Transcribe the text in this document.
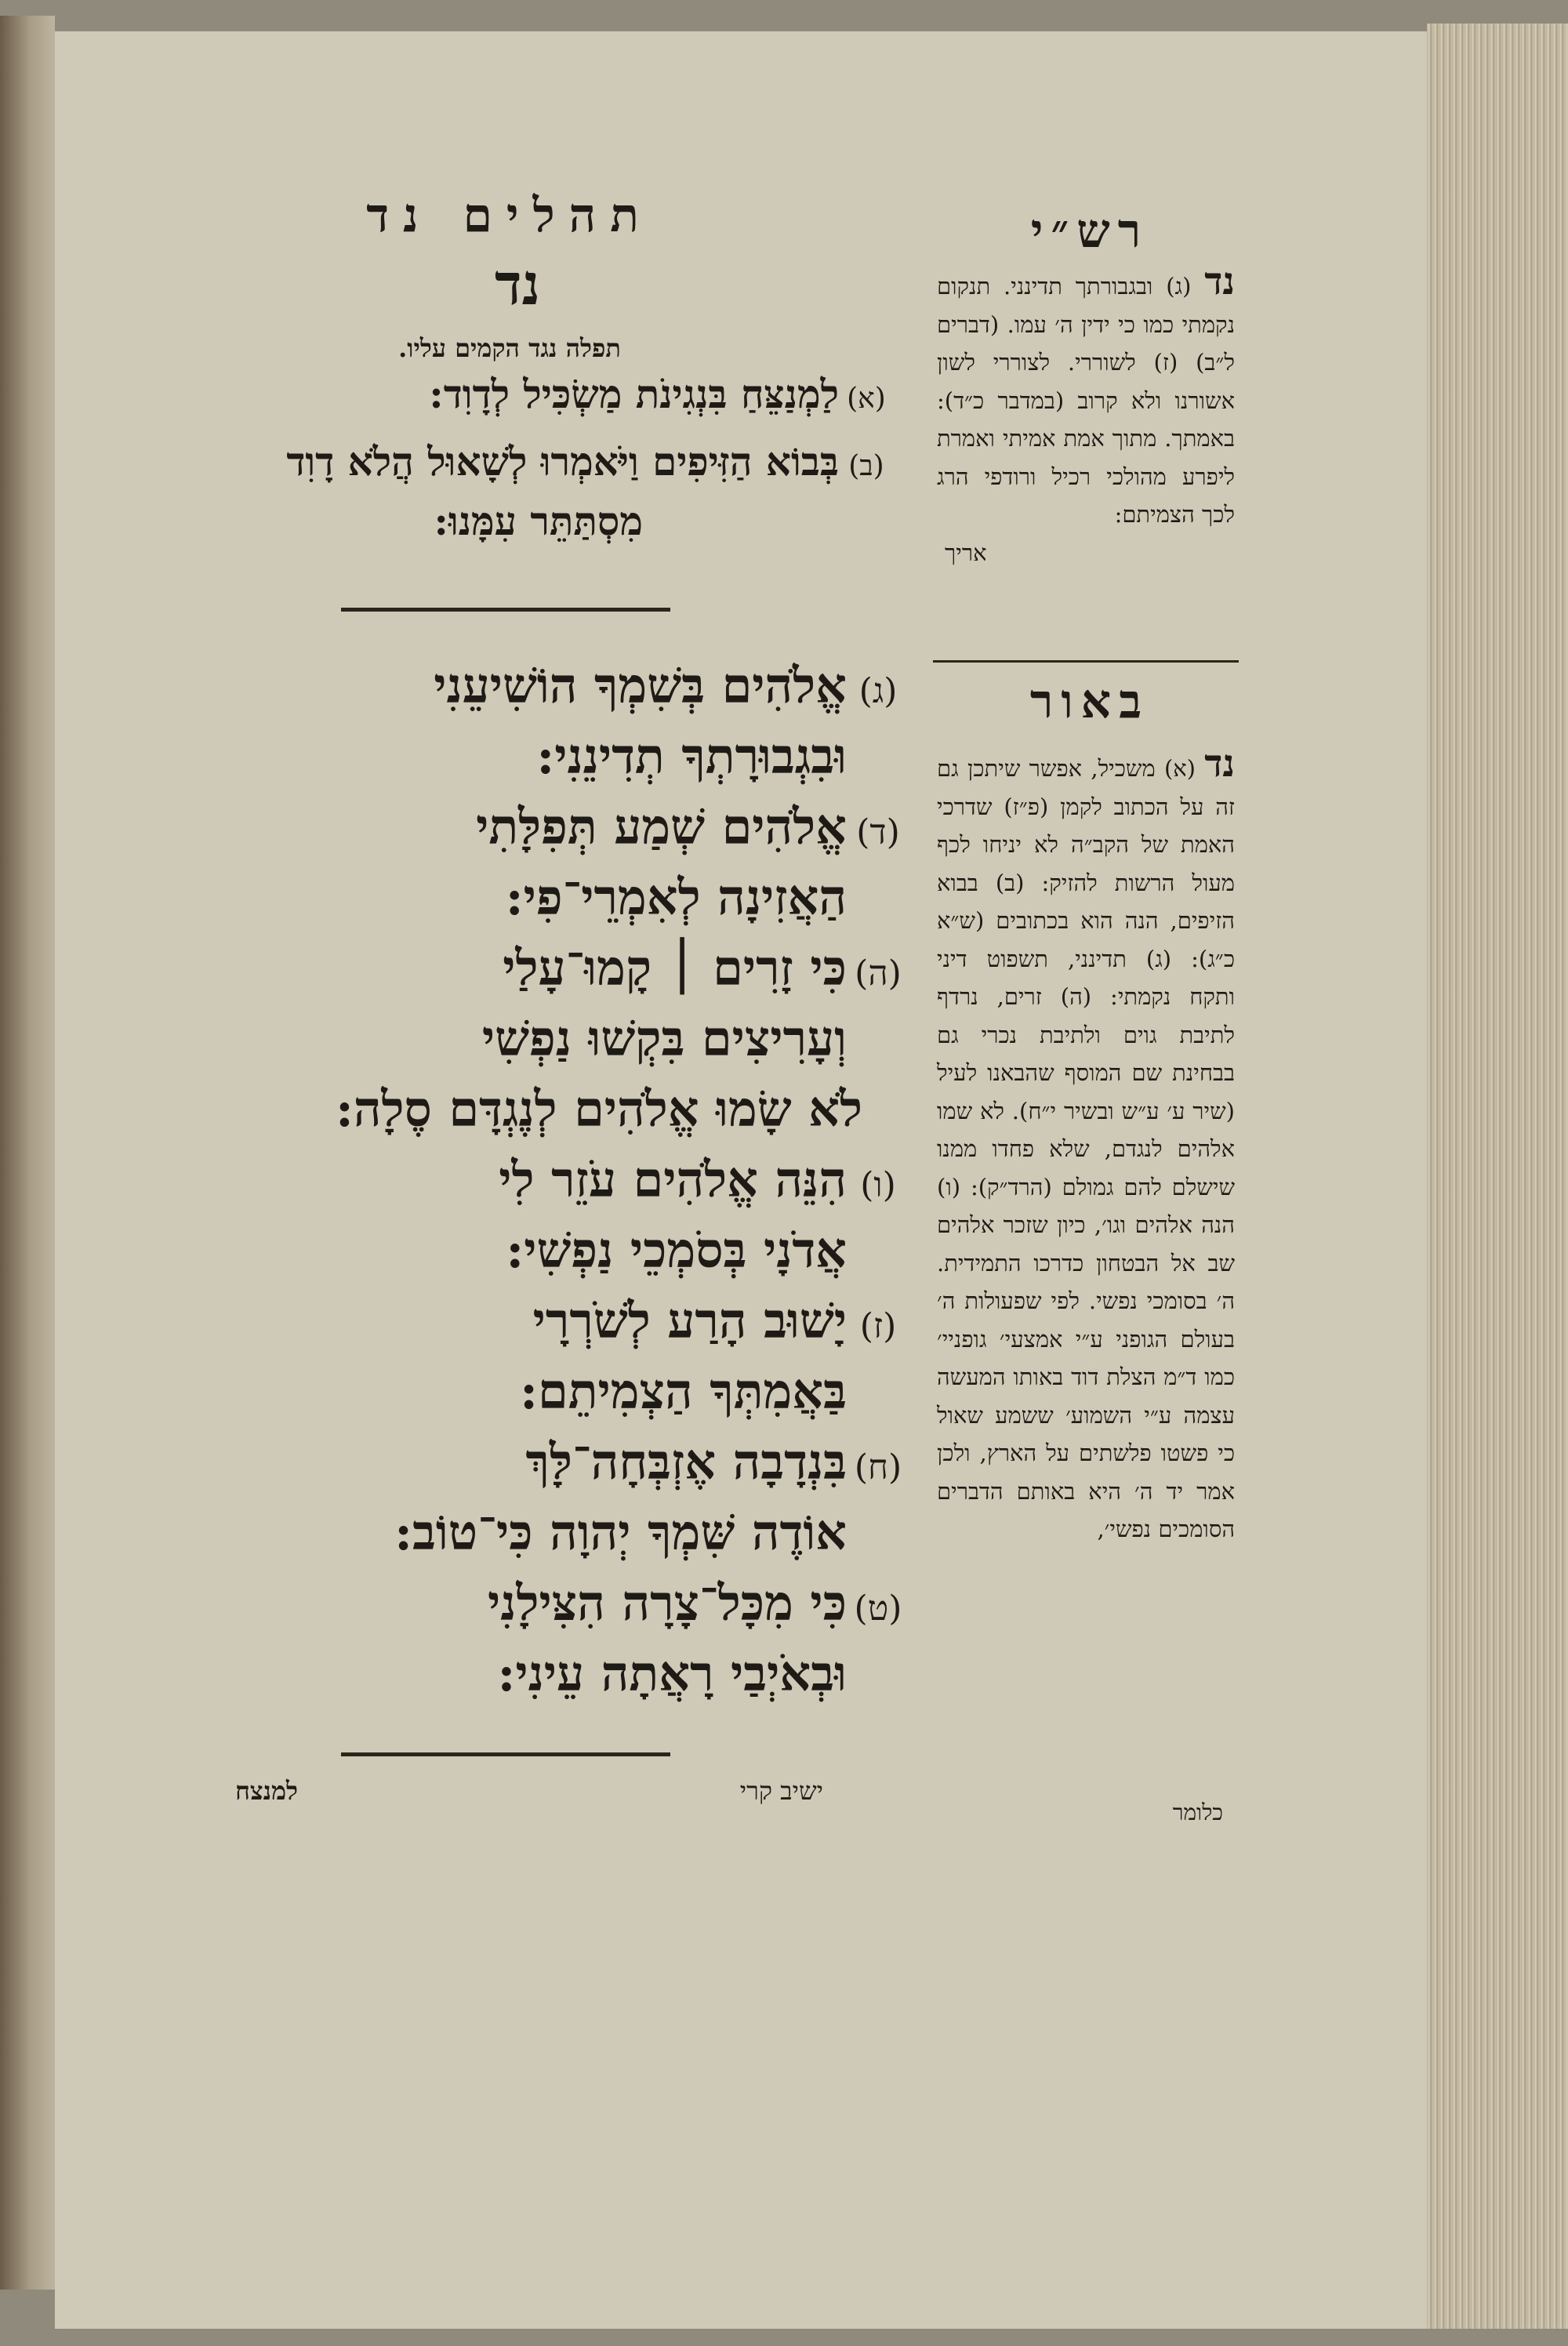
תהלים נד
נד
תפלה נגד הקמים עליו.
(א)לַמְנַצֵּחַ בִּנְגִינֹת מַשְׂכִּיל לְדָוִד:
(ב)בְּבוֹא הַזִּיפִים וַיֹּאמְרוּ לְשָׁאוּל הֲלֹא דָוִד
מִסְתַּתֵּר עִמָּנוּ:
(ג)אֱלֹהִים בְּשִׁמְךָ הוֹשִׁיעֵנִי
וּבִגְבוּרָתְךָ תְדִינֵנִי:
(ד)אֱלֹהִים שְׁמַע תְּפִלָּתִי
הַאֲזִינָה לְאִמְרֵי־פִי:
(ה)כִּי זָרִים ׀ קָמוּ־עָלַי
וְעָרִיצִים בִּקְשׁוּ נַפְשִׁי
לֹא שָׂמוּ אֱלֹהִים לְנֶגְדָּם סֶלָה:
(ו)הִנֵּה אֱלֹהִים עֹזֵר לִי
אֲדֹנָי בְּסֹמְכֵי נַפְשִׁי:
(ז)יָשׁוּב הָרַע לְשֹׁרְרָי
בַּאֲמִתְּךָ הַצְמִיתֵם:
(ח)בִּנְדָבָה אֶזְבְּחָה־לָּךְ
אוֹדֶה שִּׁמְךָ יְהוָה כִּי־טוֹב:
(ט)כִּי מִכָּל־צָרָה הִצִּילָנִי
וּבְאֹיְבַי רָאֲתָה עֵינִי:
למנצח	ישיב קרי
רש״י
נד (ג) ובגבורתך תדינני. תנקום נקמתי כמו כי ידין ה׳ עמו. (דברים ל״ב) (ז) לשוררי. לצוררי לשון אשורנו ולא קרוב (במדבר כ״ד): באמתך. מתוך אמת אמיתי ואמרת ליפרע מהולכי רכיל ורודפי הרג לכך הצמיתם:
אריך
באור
נד (א) משכיל, אפשר שיתכן גם זה על הכתוב לקמן (פ״ז) שדרכי האמת של הקב״ה לא יניחו לכף מעול הרשות להזיק: (ב) בבוא הזיפים, הנה הוא בכתובים (ש״א כ״ג): (ג) תדינני, תשפוט דיני ותקח נקמתי: (ה) זרים, נרדף לתיבת גוים ולתיבת נכרי גם בבחינת שם המוסף שהבאנו לעיל (שיר ע׳ ע״ש ובשיר י״ח). לא שמו אלהים לנגדם, שלא פחדו ממנו שישלם להם גמולם (הרד״ק): (ו) הנה אלהים וגו׳, כיון שזכר אלהים שב אל הבטחון כדרכו התמידית. ה׳ בסומכי נפשי. לפי שפעולות ה׳ בעולם הגופני ע״י אמצעי׳ גופניי׳ כמו ד״מ הצלת דוד באותו המעשה עצמה ע״י השמוע׳ ששמע שאול כי פשטו פלשתים על הארץ, ולכן אמר יד ה׳ היא באותם הדברים הסומכים נפשי׳,
כלומר
